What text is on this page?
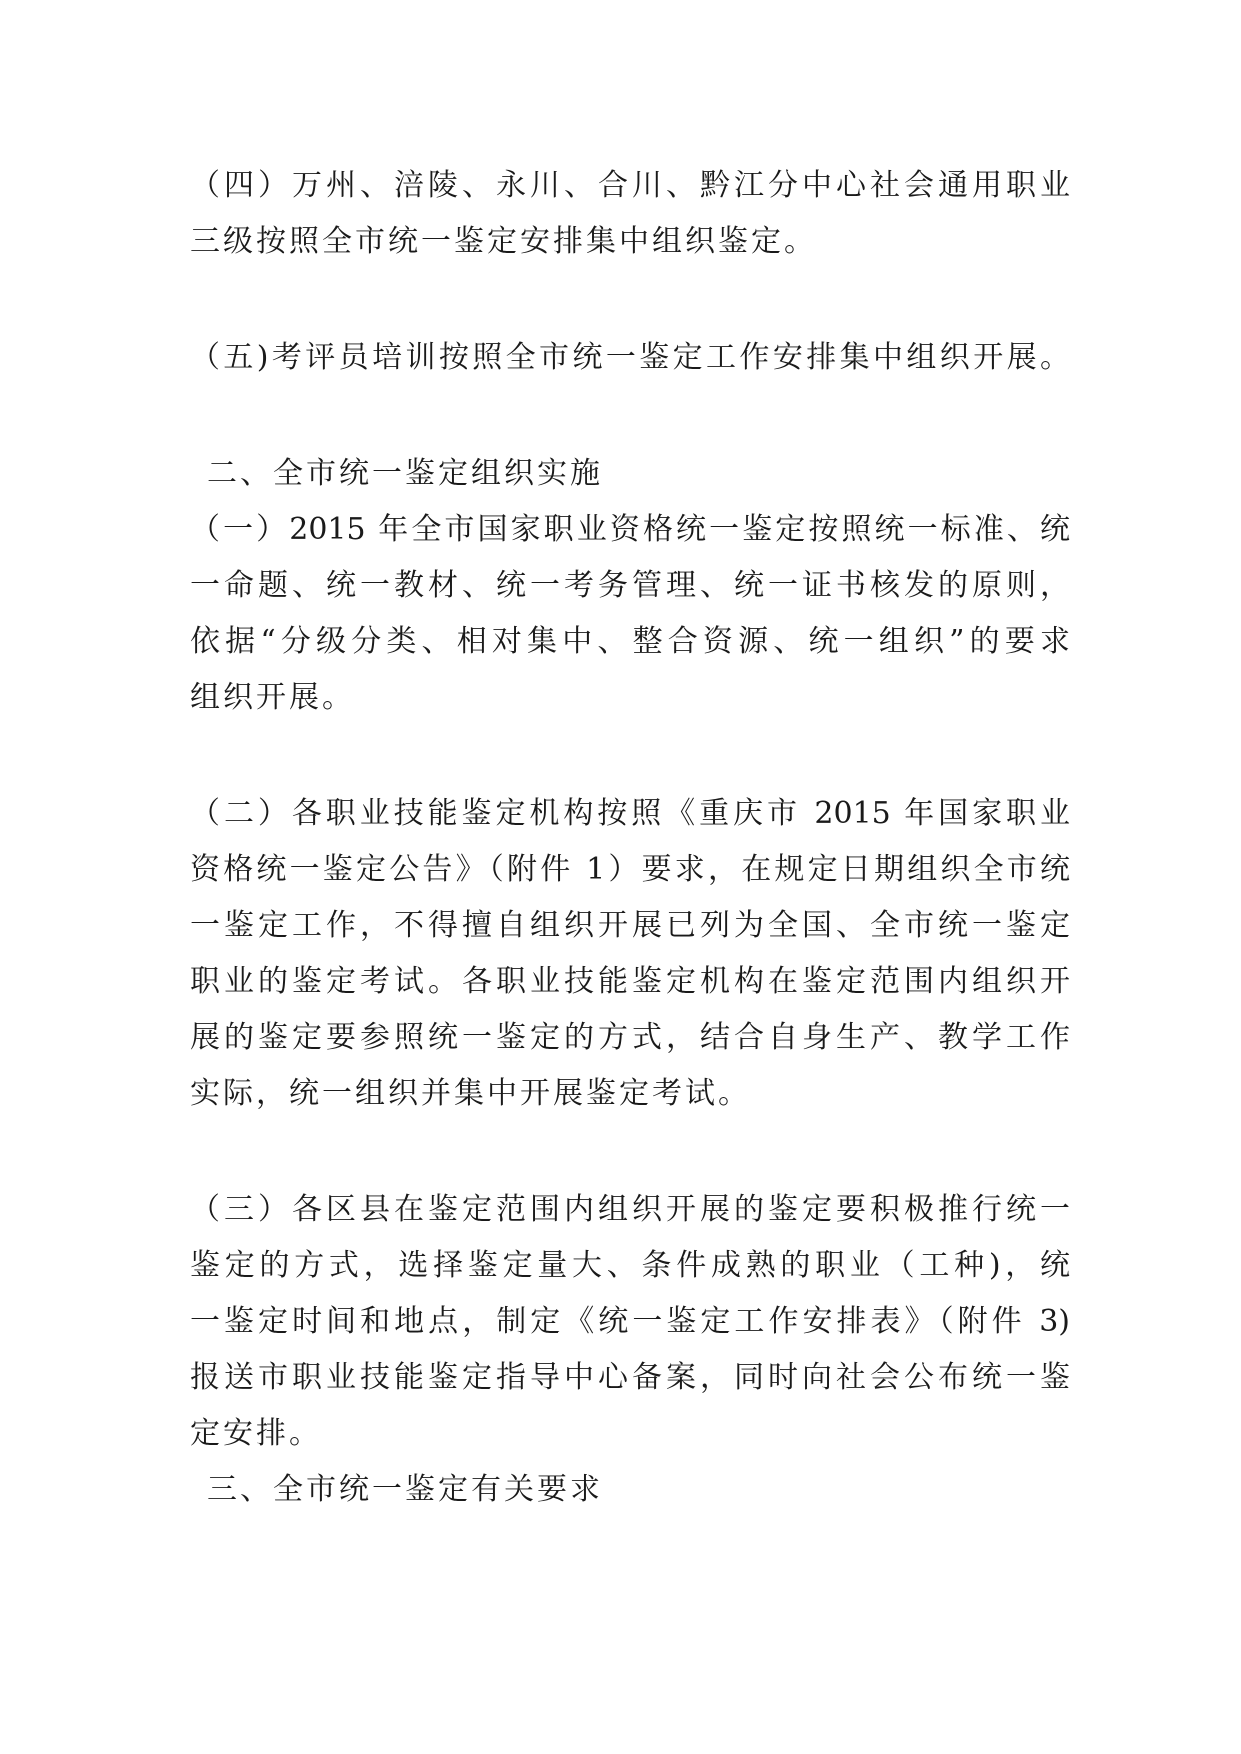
（四）万州、涪陵、永川、合川、黔江分中心社会通用职业
三级按照全市统一鉴定安排集中组织鉴定。
（五)考评员培训按照全市统一鉴定工作安排集中组织开展。
二、全市统一鉴定组织实施
（一）2015 年全市国家职业资格统一鉴定按照统一标准、统
一命题、统一教材、统一考务管理、统一证书核发的原则，
依据“分级分类、相对集中、整合资源、统一组织”的要求
组织开展。
（二）各职业技能鉴定机构按照《重庆市 2015 年国家职业
资格统一鉴定公告》（附件 1）要求，在规定日期组织全市统
一鉴定工作，不得擅自组织开展已列为全国、全市统一鉴定
职业的鉴定考试。各职业技能鉴定机构在鉴定范围内组织开
展的鉴定要参照统一鉴定的方式，结合自身生产、教学工作
实际，统一组织并集中开展鉴定考试。
（三）各区县在鉴定范围内组织开展的鉴定要积极推行统一
鉴定的方式，选择鉴定量大、条件成熟的职业（工种)，统
一鉴定时间和地点，制定《统一鉴定工作安排表》（附件 3)
报送市职业技能鉴定指导中心备案，同时向社会公布统一鉴
定安排。
三、全市统一鉴定有关要求
